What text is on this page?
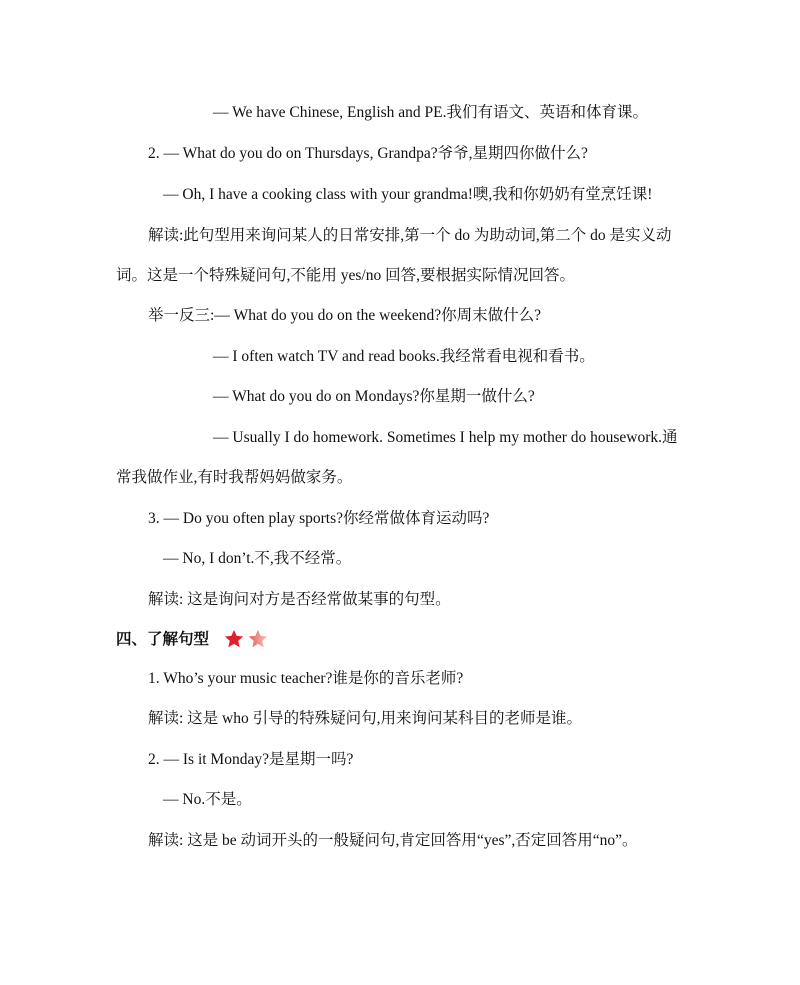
— We have Chinese, English and PE.我们有语文、英语和体育课。
2. — What do you do on Thursdays, Grandpa?爷爷,星期四你做什么?
— Oh, I have a cooking class with your grandma!噢,我和你奶奶有堂烹饪课!
解读:此句型用来询问某人的日常安排,第一个 do 为助动词,第二个 do 是实义动
词。这是一个特殊疑问句,不能用 yes/no 回答,要根据实际情况回答。
举一反三:— What do you do on the weekend?你周末做什么?
— I often watch TV and read books.我经常看电视和看书。
— What do you do on Mondays?你星期一做什么?
— Usually I do homework. Sometimes I help my mother do housework.通
常我做作业,有时我帮妈妈做家务。
3. — Do you often play sports?你经常做体育运动吗?
— No, I don’t.不,我不经常。
解读: 这是询问对方是否经常做某事的句型。
四、了解句型
1. Who’s your music teacher?谁是你的音乐老师?
解读: 这是 who 引导的特殊疑问句,用来询问某科目的老师是谁。
2. — Is it Monday?是星期一吗?
— No.不是。
解读: 这是 be 动词开头的一般疑问句,肯定回答用“yes”,否定回答用“no”。
